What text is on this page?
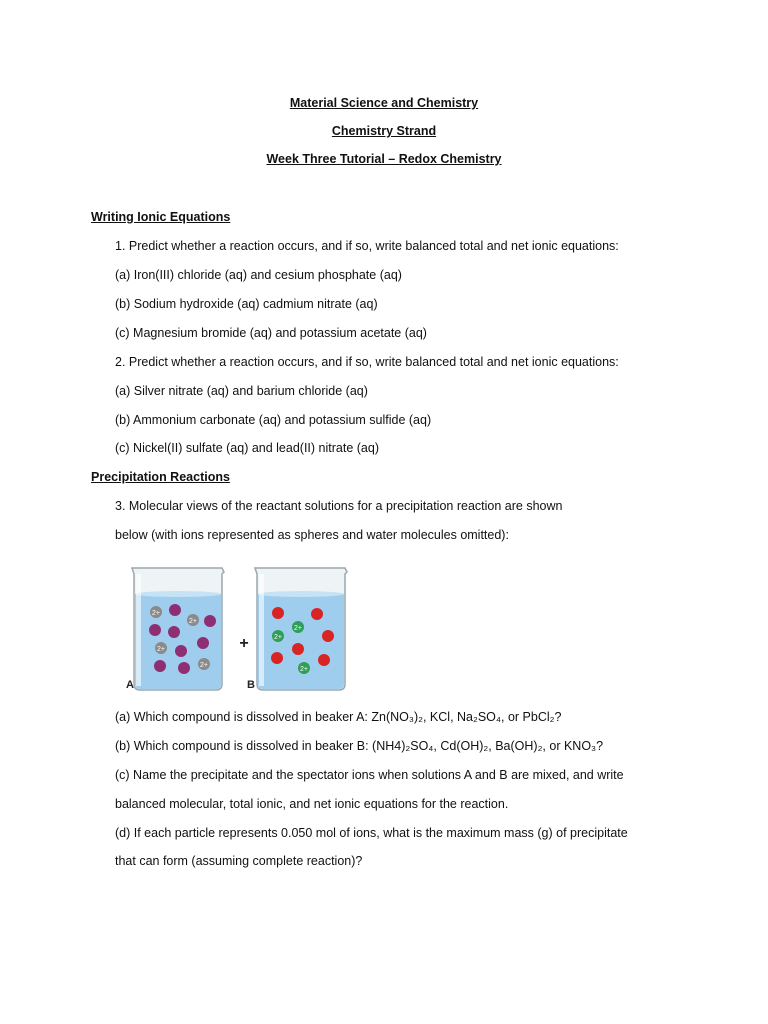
Material Science and Chemistry
Chemistry Strand
Week Three Tutorial – Redox Chemistry
Writing Ionic Equations
1. Predict whether a reaction occurs, and if so, write balanced total and net ionic equations:
(a) Iron(III) chloride (aq) and cesium phosphate (aq)
(b) Sodium hydroxide (aq) cadmium nitrate (aq)
(c) Magnesium bromide (aq) and potassium acetate (aq)
2. Predict whether a reaction occurs, and if so, write balanced total and net ionic equations:
(a) Silver nitrate (aq) and barium chloride (aq)
(b) Ammonium carbonate (aq) and potassium sulfide (aq)
(c) Nickel(II) sulfate (aq) and lead(II) nitrate (aq)
Precipitation Reactions
3. Molecular views of the reactant solutions for a precipitation reaction are shown
below (with ions represented as spheres and water molecules omitted):
2+
2+
2+
2+
A
+
2+
2+
2+
B
(a) Which compound is dissolved in beaker A: Zn(NO₃)₂, KCl, Na₂SO₄, or PbCl₂?
(b) Which compound is dissolved in beaker B: (NH4)₂SO₄, Cd(OH)₂, Ba(OH)₂, or KNO₃?
(c) Name the precipitate and the spectator ions when solutions A and B are mixed, and write
balanced molecular, total ionic, and net ionic equations for the reaction.
(d) If each particle represents 0.050 mol of ions, what is the maximum mass (g) of precipitate
that can form (assuming complete reaction)?
